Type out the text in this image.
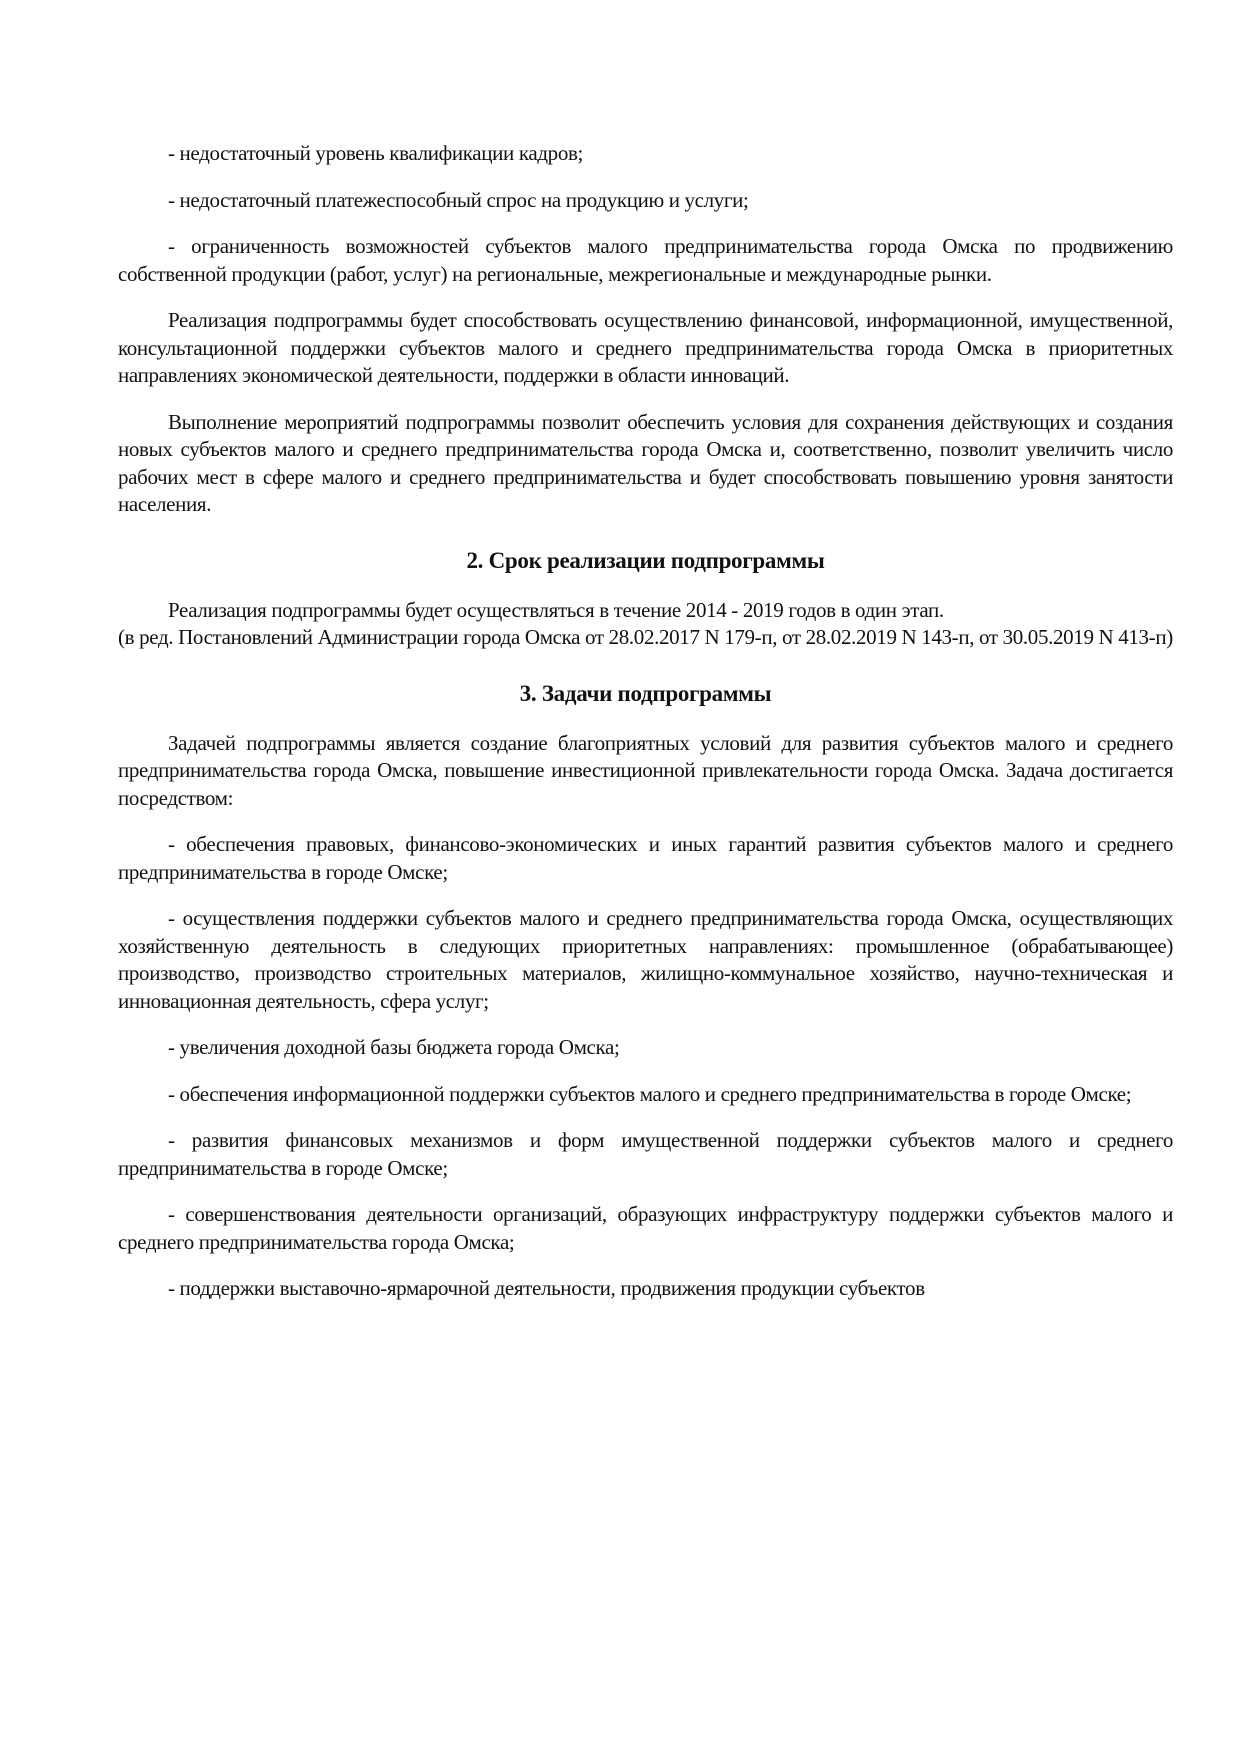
- недостаточный уровень квалификации кадров;

- недостаточный платежеспособный спрос на продукцию и услуги;

- ограниченность возможностей субъектов малого предпринимательства города Омска по продвижению собственной продукции (работ, услуг) на региональные, межрегиональные и международные рынки.

Реализация подпрограммы будет способствовать осуществлению финансовой, информационной, имущественной, консультационной поддержки субъектов малого и среднего предпринимательства города Омска в приоритетных направлениях экономической деятельности, поддержки в области инноваций.

Выполнение мероприятий подпрограммы позволит обеспечить условия для сохранения действующих и создания новых субъектов малого и среднего предпринимательства города Омска и, соответственно, позволит увеличить число рабочих мест в сфере малого и среднего предпринимательства и будет способствовать повышению уровня занятости населения.

2. Срок реализации подпрограммы

Реализация подпрограммы будет осуществляться в течение 2014 - 2019 годов в один этап.

(в ред. Постановлений Администрации города Омска от 28.02.2017 N 179-п, от 28.02.2019 N 143-п, от 30.05.2019 N 413-п)

3. Задачи подпрограммы

Задачей подпрограммы является создание благоприятных условий для развития субъектов малого и среднего предпринимательства города Омска, повышение инвестиционной привлекательности города Омска. Задача достигается посредством:

- обеспечения правовых, финансово-экономических и иных гарантий развития субъектов малого и среднего предпринимательства в городе Омске;

- осуществления поддержки субъектов малого и среднего предпринимательства города Омска, осуществляющих хозяйственную деятельность в следующих приоритетных направлениях: промышленное (обрабатывающее) производство, производство строительных материалов, жилищно-коммунальное хозяйство, научно-техническая и инновационная деятельность, сфера услуг;

- увеличения доходной базы бюджета города Омска;

- обеспечения информационной поддержки субъектов малого и среднего предпринимательства в городе Омске;

- развития финансовых механизмов и форм имущественной поддержки субъектов малого и среднего предпринимательства в городе Омске;

- совершенствования деятельности организаций, образующих инфраструктуру поддержки субъектов малого и среднего предпринимательства города Омска;

- поддержки выставочно-ярмарочной деятельности, продвижения продукции субъектов
